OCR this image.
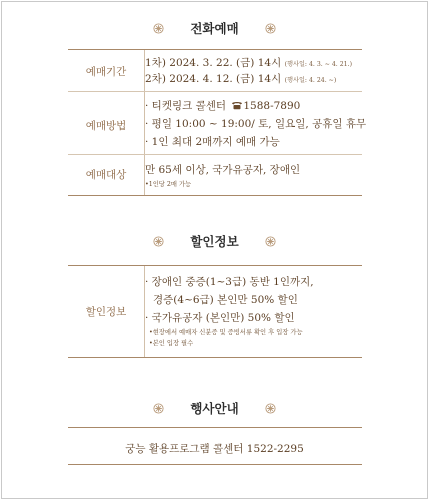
전화예매
예매기간
1차) 2024. 3. 22. (금) 14시 (행사일: 4. 3. ~ 4. 21.)
2차) 2024. 4. 12. (금) 14시 (행사일: 4. 24. ~)
예매방법
· 티켓링크 콜센터 1588-7890
· 평일 10:00 ~ 19:00/ 토, 일요일, 공휴일 휴무
· 1인 최대 2매까지 예매 가능
예매대상	만 65세 이상, 국가유공자, 장애인
•1인당 2매 가능
할인정보
할인정보
· 장애인 중증(1~3급) 동반 1인까지,
경증(4~6급) 본인만 50% 할인
· 국가유공자 (본인만) 50% 할인
•현장에서 예매자 신분증 및 증빙서류 확인 후 입장 가능
•본인 입장 필수
행사안내
궁능 활용프로그램 콜센터 1522-2295
